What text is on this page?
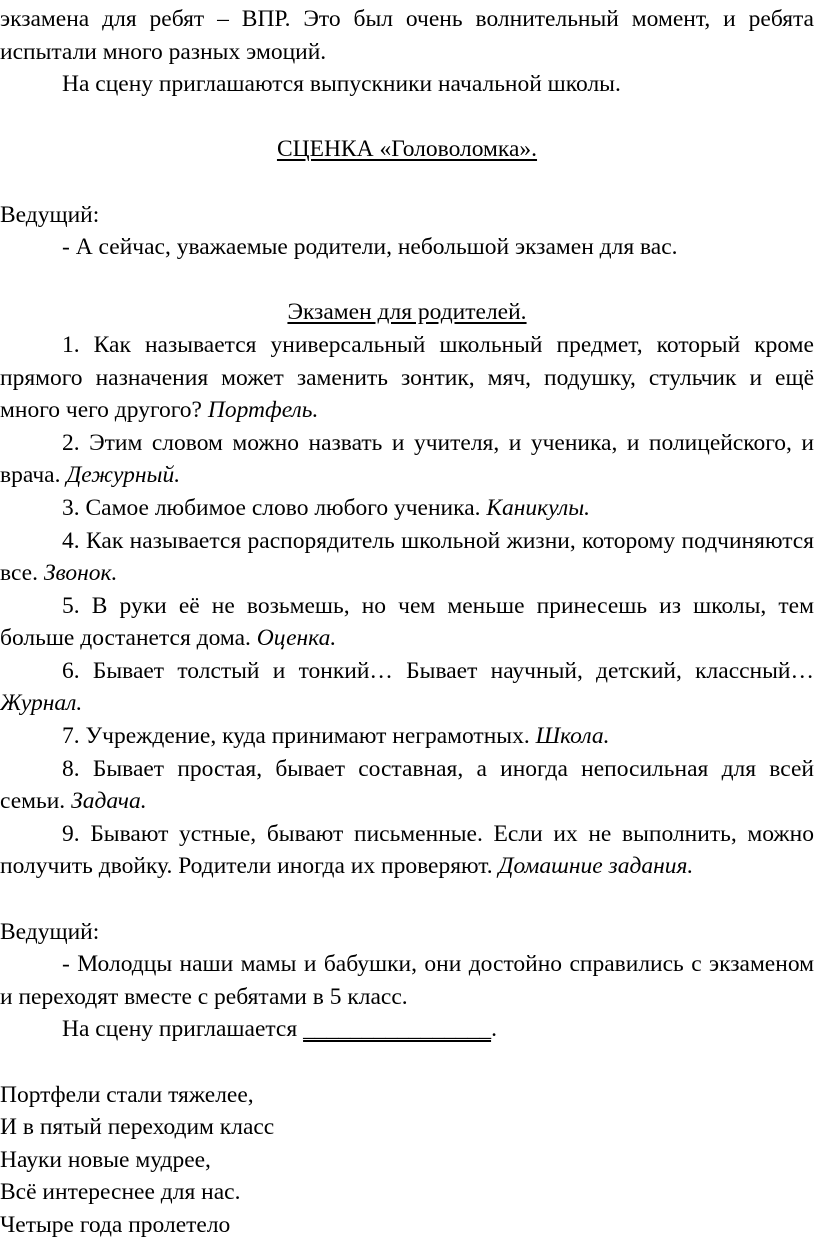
экзамена для ребят – ВПР. Это был очень волнительный момент, и ребята испытали много разных эмоций.

На сцену приглашаются выпускники начальной школы.

СЦЕНКА «Головоломка».

Ведущий:

- А сейчас, уважаемые родители, небольшой экзамен для вас.

Экзамен для родителей.

1. Как называется универсальный школьный предмет, который кроме прямого назначения может заменить зонтик, мяч, подушку, стульчик и ещё много чего другого? Портфель.

2. Этим словом можно назвать и учителя, и ученика, и полицейского, и врача. Дежурный.

3. Самое любимое слово любого ученика. Каникулы.

4. Как называется распорядитель школьной жизни, которому подчиняются все. Звонок.

5. В руки её не возьмешь, но чем меньше принесешь из школы, тем больше достанется дома. Оценка.

6. Бывает толстый и тонкий… Бывает научный, детский, классный… Журнал.

7. Учреждение, куда принимают неграмотных. Школа.

8. Бывает простая, бывает составная, а иногда непосильная для всей семьи. Задача.

9. Бывают устные, бывают письменные. Если их не выполнить, можно получить двойку. Родители иногда их проверяют. Домашние задания.

Ведущий:

- Молодцы наши мамы и бабушки, они достойно справились с экзаменом и переходят вместе с ребятами в 5 класс.

На сцену приглашается ________________.

Портфели стали тяжелее,

И в пятый переходим класс

Науки новые мудрее,

Всё интереснее для нас.

Четыре года пролетело
